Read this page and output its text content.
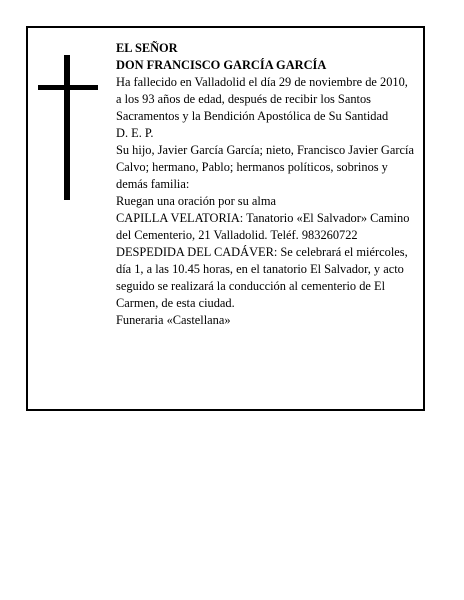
EL SEÑOR

DON FRANCISCO GARCÍA GARCÍA

Ha fallecido en Valladolid el día 29 de noviembre de 2010, a los 93 años de edad, después de recibir los Santos Sacramentos y la Bendición Apostólica de Su Santidad

D. E. P.

Su hijo, Javier García García; nieto, Francisco Javier García Calvo; hermano, Pablo; hermanos políticos, sobrinos y demás familia:

Ruegan una oración por su alma

CAPILLA VELATORIA: Tanatorio «El Salvador» Camino del Cementerio, 21 Valladolid. Teléf. 983260722

DESPEDIDA DEL CADÁVER: Se celebrará el miércoles, día 1, a las 10.45 horas, en el tanatorio El Salvador, y acto seguido se realizará la conducción al cementerio de El Carmen, de esta ciudad.

Funeraria «Castellana»
